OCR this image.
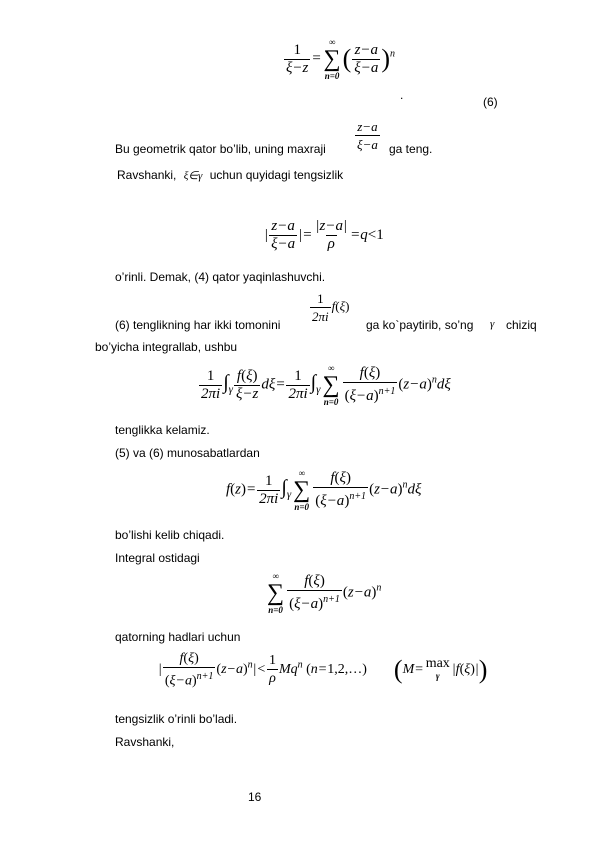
$\frac{1}{\xi-z}$ =
∞
∑
n=0
( $\frac{z-a}{\xi-a} )^n$
.	(6)
Bu geometrik qator bo’lib, uning maxraji $\frac{z-a}{\xi-a}$ ga teng.
Ravshanki, ξ∈γ uchun quyidagi tengsizlik
| $\frac{z-a}{\xi-a}$ |= $\frac{|z-a|}{\rho} =q<1$
o’rinli. Demak, (4) qator yaqinlashuvchi.
(6) tenglikning har ikki tomonini $\frac{1}{2\pi i} f(\xi)$
ga ko`paytirib, so’ng γ chiziq
bo’yicha integrallab, ushbu
$\frac{1}{2\pi i} \int_\gamma \frac{f(\xi)}{\xi-z} d\xi= \frac{1}{2\pi i} \int_\gamma$
∞
∑
$n=0 \frac{f(\xi)}{(\xi-a)^{n+1}} (z-a)^nd\xi$
tenglikka kelamiz.
(5) va (6) munosabatlardan
$f(z)= \frac{1}{2\pi i} \int_\gamma$
∞
∑
$n=0 \frac{f(\xi)}{(\xi-a)^{n+1}} (z-a)^nd\xi$
bo’lishi kelib chiqadi.
Integral ostidagi
∞
∑
$n=0 \frac{f(\xi)}{(\xi-a)^{n+1}} (z-a)^n$
qatorning hadlari uchun
| $\frac{f(\xi)}{(\xi-a)^{n+1}} (z-a)^n|< \frac{1}{\rho} Mq^n$ (n=1,2,…) (M= max
γ |f(ξ)|)
tengsizlik o’rinli bo’ladi.
Ravshanki,
16
